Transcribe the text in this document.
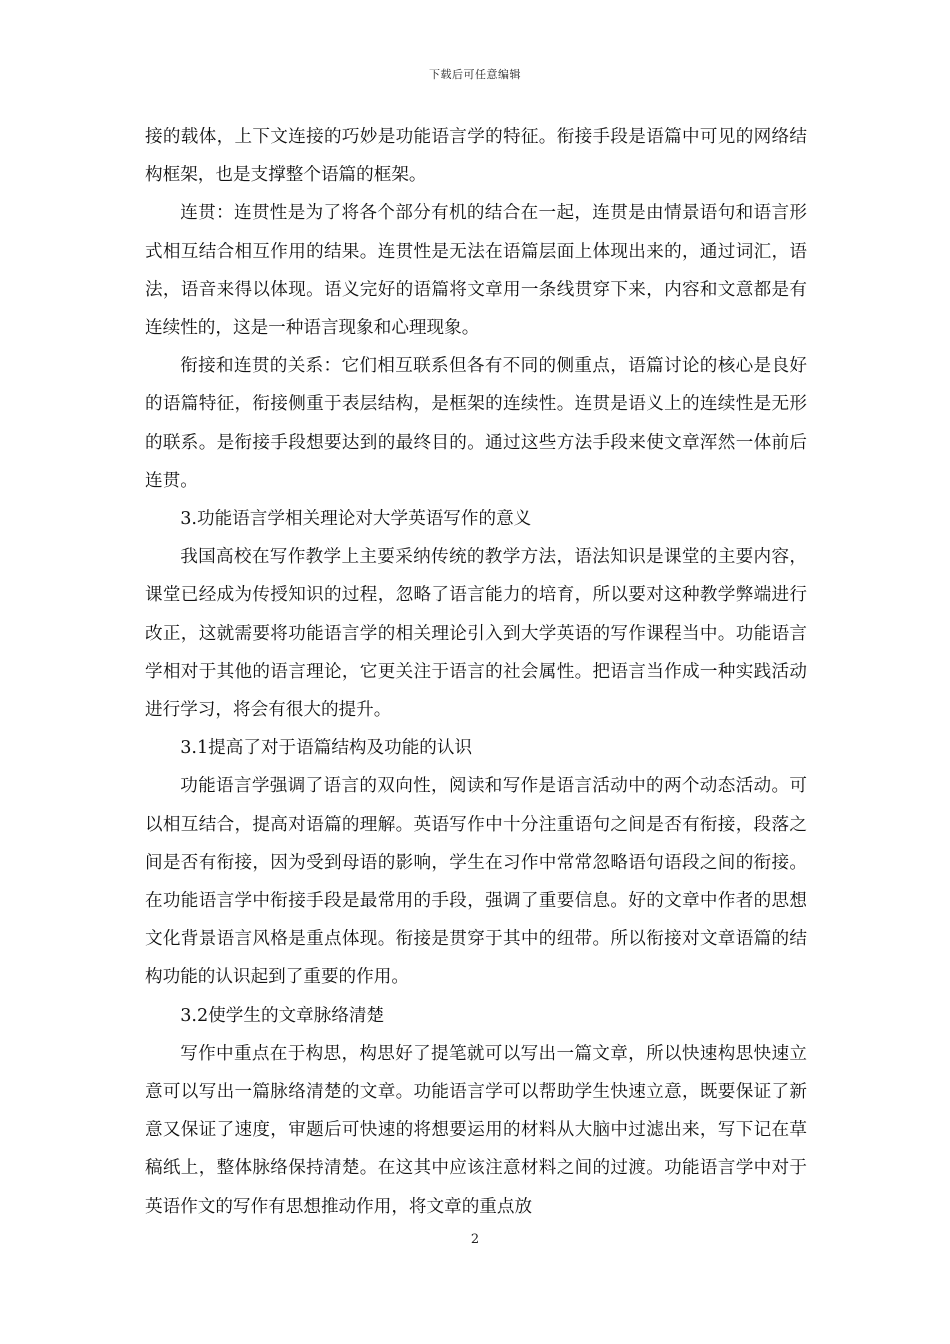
下载后可任意编辑

接的载体，上下文连接的巧妙是功能语言学的特征。衔接手段是语篇中可见的网络结构框架，也是支撑整个语篇的框架。

连贯：连贯性是为了将各个部分有机的结合在一起，连贯是由情景语句和语言形式相互结合相互作用的结果。连贯性是无法在语篇层面上体现出来的，通过词汇，语法，语音来得以体现。语义完好的语篇将文章用一条线贯穿下来，内容和文意都是有连续性的，这是一种语言现象和心理现象。

衔接和连贯的关系：它们相互联系但各有不同的侧重点，语篇讨论的核心是良好的语篇特征，衔接侧重于表层结构，是框架的连续性。连贯是语义上的连续性是无形的联系。是衔接手段想要达到的最终目的。通过这些方法手段来使文章浑然一体前后连贯。

3.功能语言学相关理论对大学英语写作的意义

我国高校在写作教学上主要采纳传统的教学方法，语法知识是课堂的主要内容，课堂已经成为传授知识的过程，忽略了语言能力的培育，所以要对这种教学弊端进行改正，这就需要将功能语言学的相关理论引入到大学英语的写作课程当中。功能语言学相对于其他的语言理论，它更关注于语言的社会属性。把语言当作成一种实践活动进行学习，将会有很大的提升。

3.1提高了对于语篇结构及功能的认识

功能语言学强调了语言的双向性，阅读和写作是语言活动中的两个动态活动。可以相互结合，提高对语篇的理解。英语写作中十分注重语句之间是否有衔接，段落之间是否有衔接，因为受到母语的影响，学生在习作中常常忽略语句语段之间的衔接。在功能语言学中衔接手段是最常用的手段，强调了重要信息。好的文章中作者的思想文化背景语言风格是重点体现。衔接是贯穿于其中的纽带。所以衔接对文章语篇的结构功能的认识起到了重要的作用。

3.2使学生的文章脉络清楚

写作中重点在于构思，构思好了提笔就可以写出一篇文章，所以快速构思快速立意可以写出一篇脉络清楚的文章。功能语言学可以帮助学生快速立意，既要保证了新意又保证了速度，审题后可快速的将想要运用的材料从大脑中过滤出来，写下记在草稿纸上，整体脉络保持清楚。在这其中应该注意材料之间的过渡。功能语言学中对于英语作文的写作有思想推动作用，将文章的重点放

2
